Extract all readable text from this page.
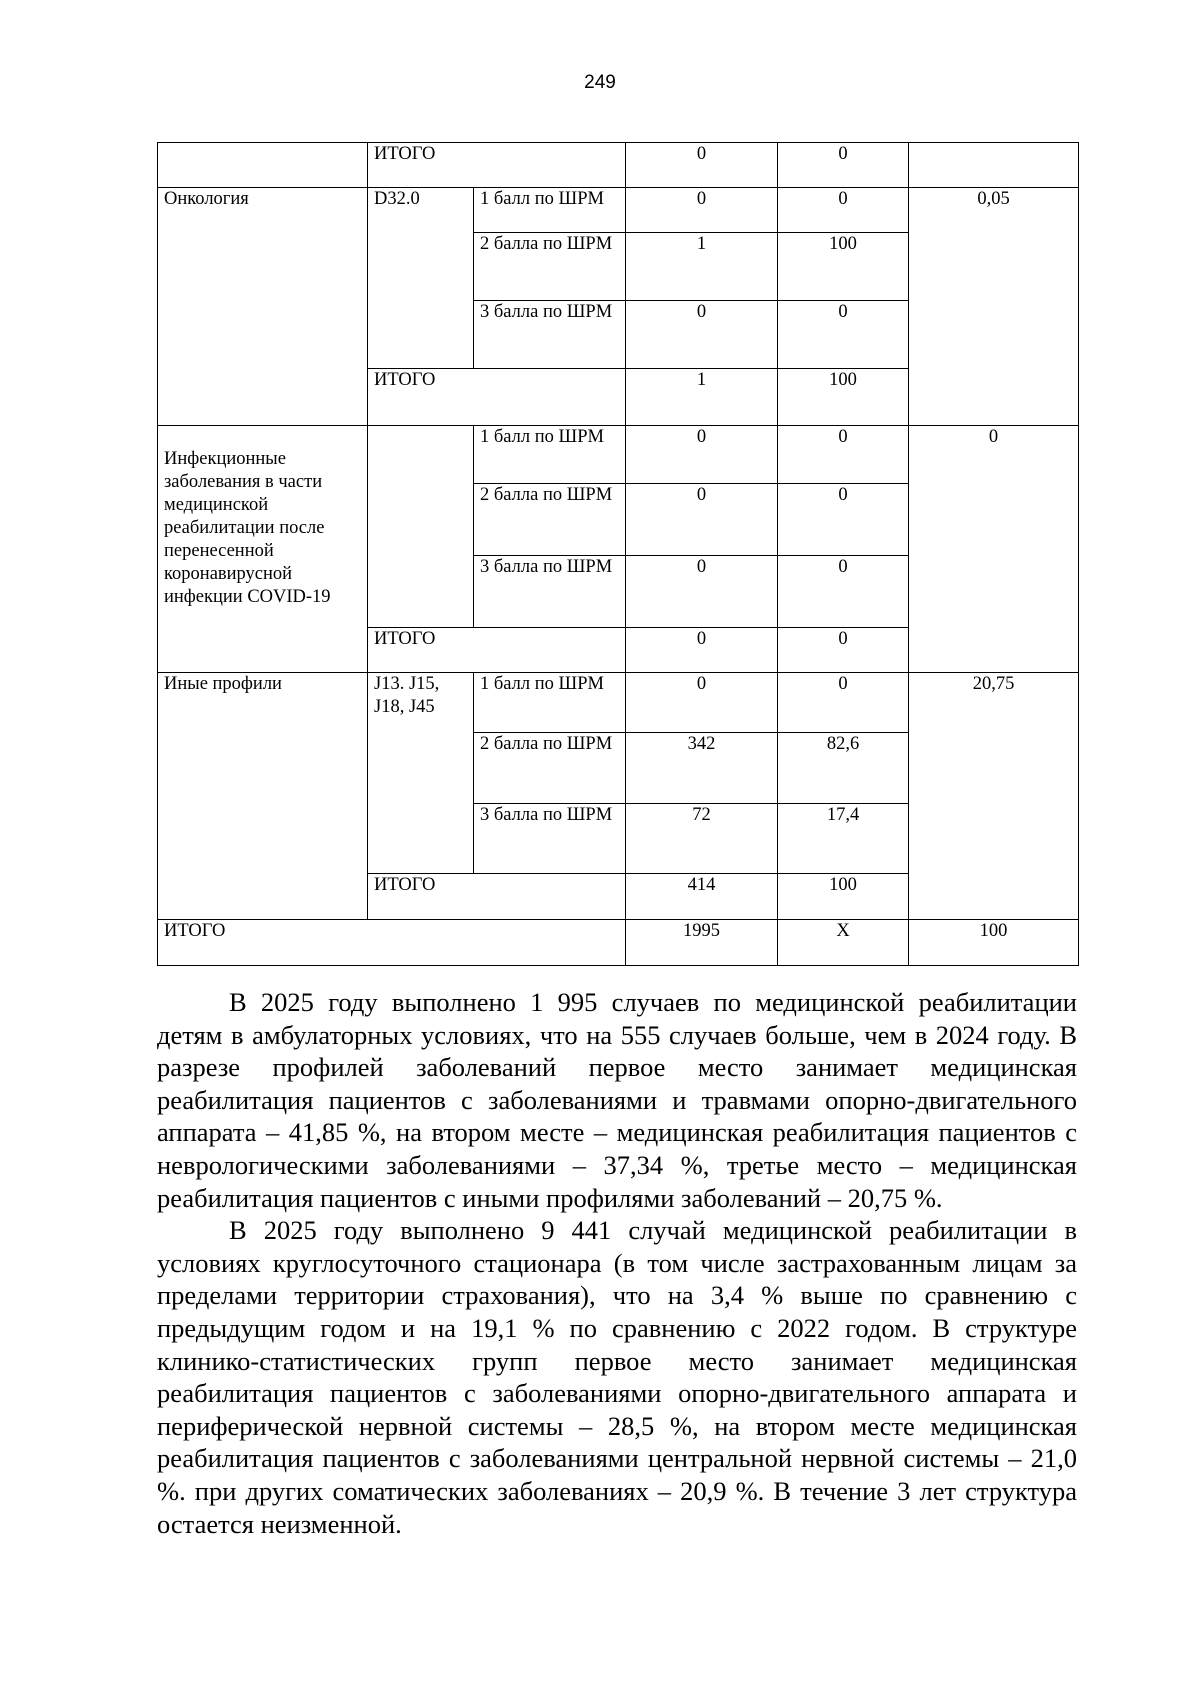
249
	ИТОГО		0	0	
Онкология	D32.0	1 балл по ШРМ	0	0	0,05
		2 балла по ШРМ	1	100	
		3 балла по ШРМ	0	0	
	ИТОГО		1	100	
Инфекционные заболевания в части медицинской реабилитации после перенесенной коронавирусной инфекции COVID-19		1 балл по ШРМ	0	0	0
		2 балла по ШРМ	0	0	
		3 балла по ШРМ	0	0	
	ИТОГО		0	0	
Иные профили	J13. J15, J18, J45	1 балл по ШРМ	0	0	20,75
		2 балла по ШРМ	342	82,6	
		3 балла по ШРМ	72	17,4	
	ИТОГО		414	100	
ИТОГО			1995	Х	100

В 2025 году выполнено 1 995 случаев по медицинской реабилитации детям в амбулаторных условиях, что на 555 случаев больше, чем в 2024 году. В разрезе профилей заболеваний первое место занимает медицинская реабилитация пациентов с заболеваниями и травмами опорно-двигательного аппарата – 41,85 %, на втором месте – медицинская реабилитация пациентов с неврологическими заболеваниями – 37,34 %, третье место – медицинская реабилитация пациентов с иными профилями заболеваний – 20,75 %.

В 2025 году выполнено 9 441 случай медицинской реабилитации в условиях круглосуточного стационара (в том числе застрахованным лицам за пределами территории страхования), что на 3,4 % выше по сравнению с предыдущим годом и на 19,1 % по сравнению с 2022 годом. В структуре клинико-статистических групп первое место занимает медицинская реабилитация пациентов с заболеваниями опорно-двигательного аппарата и периферической нервной системы – 28,5 %, на втором месте медицинская реабилитация пациентов с заболеваниями центральной нервной системы – 21,0 %. при других соматических заболеваниях – 20,9 %. В течение 3 лет структура остается неизменной.
